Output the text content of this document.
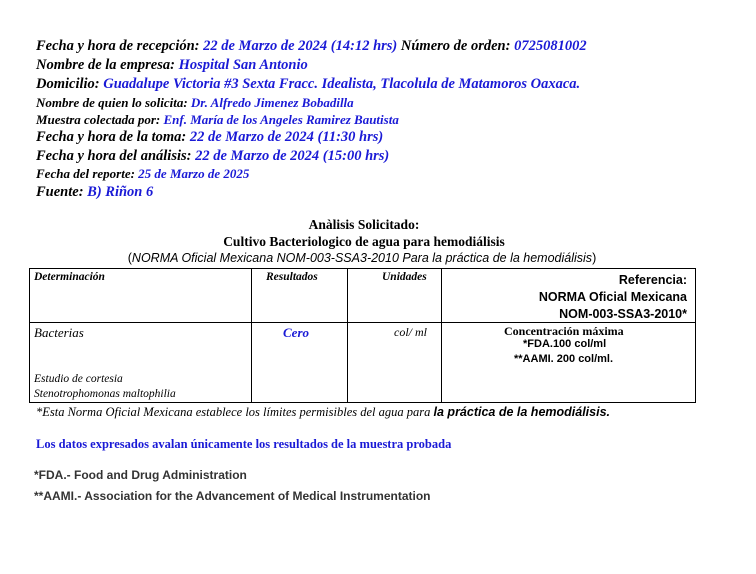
Fecha y hora de recepción: 22 de Marzo de 2024 (14:12 hrs) Número de orden: 0725081002
Nombre de la empresa: Hospital San Antonio
Domicilio: Guadalupe Victoria #3 Sexta Fracc. Idealista, Tlacolula de Matamoros Oaxaca.
Nombre de quien lo solicita: Dr. Alfredo Jimenez Bobadilla
Muestra colectada por: Enf. María de los Angeles Ramirez Bautista
Fecha y hora de la toma: 22 de Marzo de 2024 (11:30 hrs)
Fecha y hora del análisis: 22 de Marzo de 2024 (15:00 hrs)
Fecha del reporte: 25 de Marzo de 2025
Fuente: B) Riñon 6
Anàlisis Solicitado:
Cultivo Bacteriologico de agua para hemodiálisis
(NORMA Oficial Mexicana NOM-003-SSA3-2010 Para la práctica de la hemodiálisis)
Determinación	Resultados	Unidades	Referencia:
NORMA Oficial Mexicana
NOM-003-SSA3-2010*
Bacterias	Cero	col/ ml	Concentración máxima
*FDA.100 col/ml
**AAMI. 200 col/ml.
Estudio de cortesia
Stenotrophomonas maltophilia
*Esta Norma Oficial Mexicana establece los límites permisibles del agua para la práctica de la hemodiálisis.
Los datos expresados avalan únicamente los resultados de la muestra probada
*FDA.- Food and Drug Administration
**AAMI.- Association for the Advancement of Medical Instrumentation
